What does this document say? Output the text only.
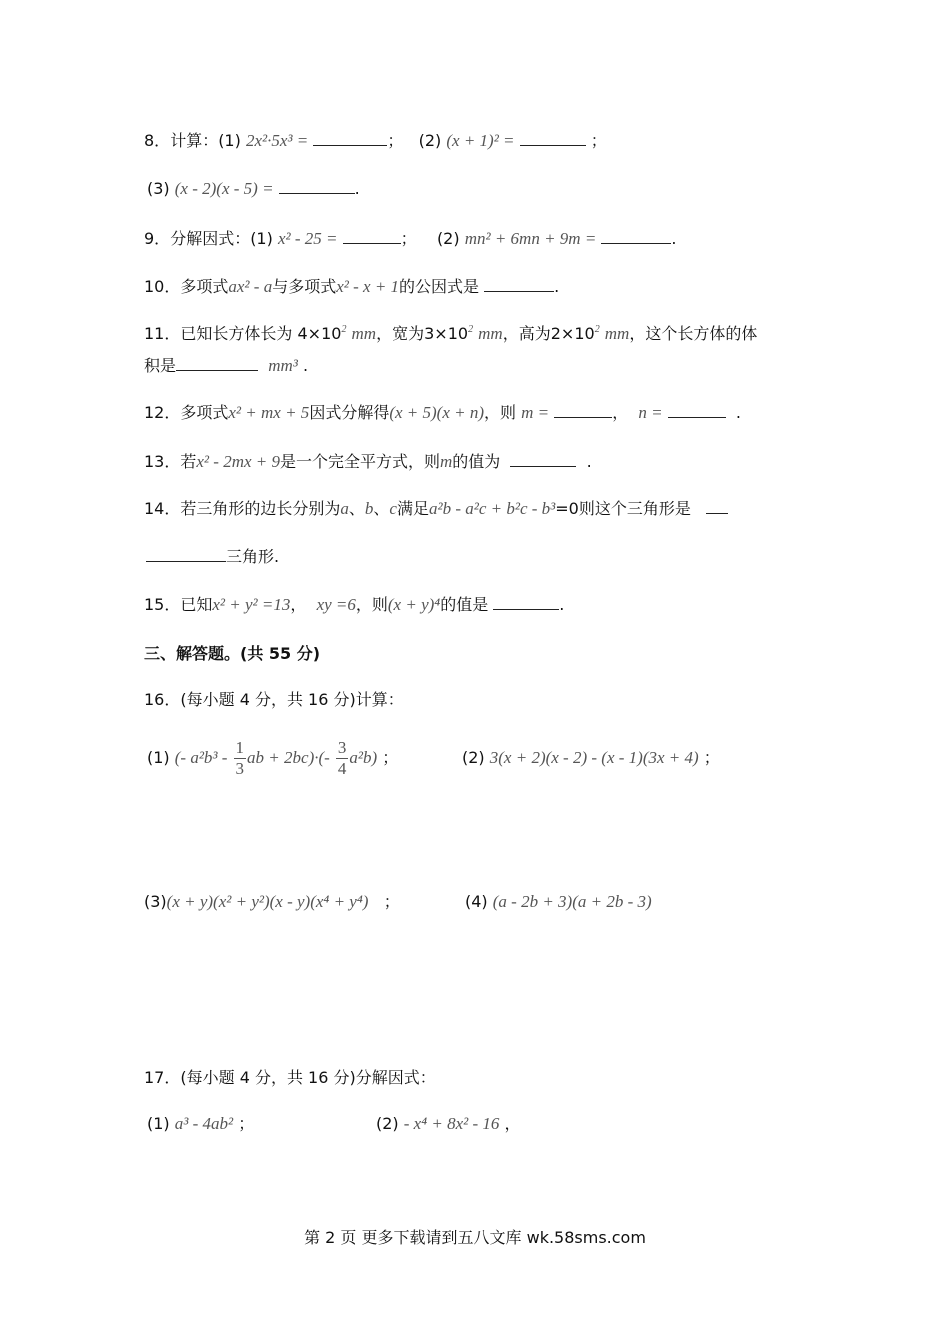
8．计算：(1) 2x²∙5x³ =	； (2) (x + 1)² =	；
(3) (x - 2)(x - 5) =	.
9．分解因式：(1) x² - 25 =	； (2) mn² + 6mn + 9m =	.
10．多项式ax² - a与多项式x² - x + 1的公因式是	.
11．已知长方体长为 $4\times 10^2$ mm，宽为$3\times 10^2$ mm，高为$2\times 10^2$ mm，这个长方体的体
积是	mm³ .
12．多项式x² + mx + 5因式分解得(x + 5)(x + n)，则 m =	， n =	.
13．若x² - 2mx + 9是一个完全平方式，则m的值为	.
14．若三角形的边长分别为a、b、c满足a²b - a²c + b²c - b³=0则这个三角形是
三角形.
15．已知x² + y² =13， xy =6，则(x + y)⁴的值是	.
三、解答题。(共 55 分)
16．(每小题 4 分，共 16 分)计算：
(1) (- $a^2b^3 - \frac{1}{3}$ ab + $2bc)\cdot(- \frac{3}{4} a^2b)$ ；	(2) 3(x + 2)(x - 2) - (x - 1)(3x + 4) ；
(3)(x + y)(x² + y²)(x - y)(x⁴ + y⁴) ；	(4) (a - 2b + 3)(a + 2b - 3)
17．(每小题 4 分，共 16 分)分解因式：
(1) a³ - 4ab² ；	(2) - x⁴ + 8x² - 16 ，
第 2 页 更多下载请到五八文库 wk.58sms.com
